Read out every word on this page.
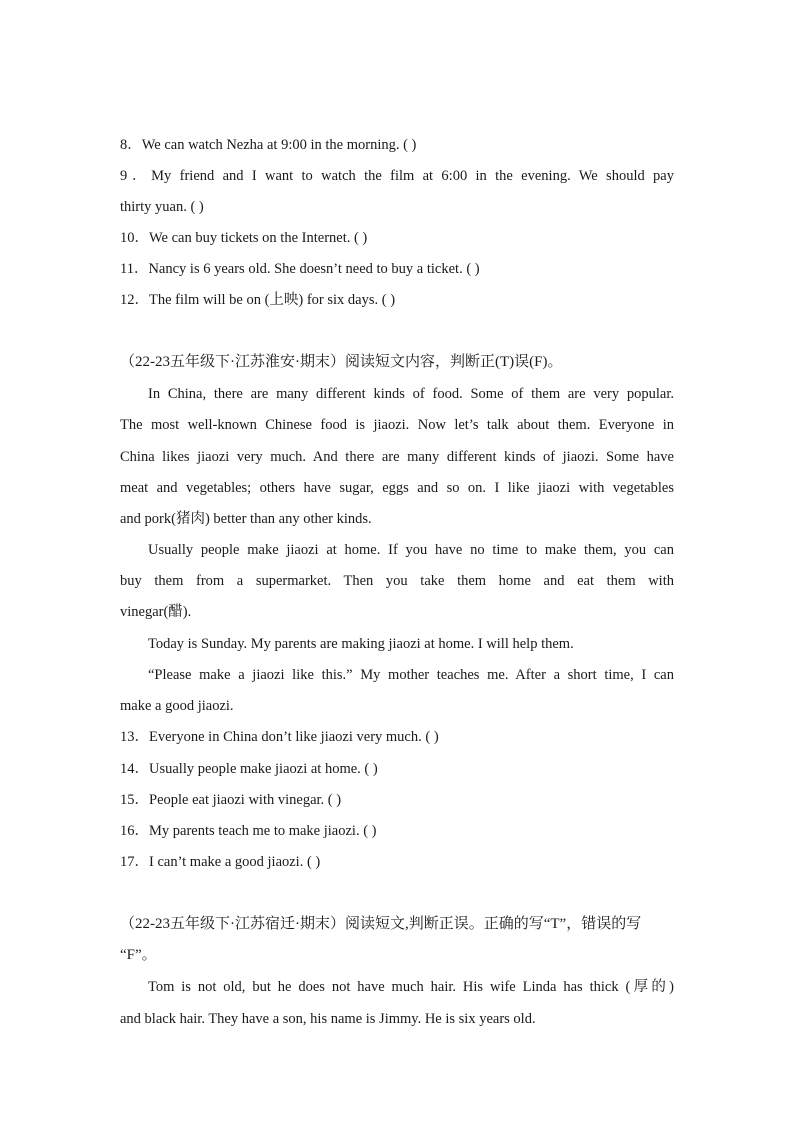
8．We can watch Nezha at 9:00 in the morning. ( )
9．My friend and I want to watch the film at 6:00 in the evening. We should pay
thirty yuan. ( )
10．We can buy tickets on the Internet. ( )
11．Nancy is 6 years old. She doesn’t need to buy a ticket. ( )
12．The film will be on (上映) for six days. ( )
（22-23五年级下·江苏淮安·期末）阅读短文内容，判断正(T)误(F)。
In China, there are many different kinds of food. Some of them are very popular.
The most well-known Chinese food is jiaozi. Now let’s talk about them. Everyone in
China likes jiaozi very much. And there are many different kinds of jiaozi. Some have
meat and vegetables; others have sugar, eggs and so on. I like jiaozi with vegetables
and pork(猪肉) better than any other kinds.
Usually people make jiaozi at home. If you have no time to make them, you can
buy them from a supermarket. Then you take them home and eat them with
vinegar(醋).
Today is Sunday. My parents are making jiaozi at home. I will help them.
“Please make a jiaozi like this.” My mother teaches me. After a short time, I can
make a good jiaozi.
13．Everyone in China don’t like jiaozi very much. ( )
14．Usually people make jiaozi at home. ( )
15．People eat jiaozi with vinegar. ( )
16．My parents teach me to make jiaozi. ( )
17．I can’t make a good jiaozi. ( )
（22-23五年级下·江苏宿迁·期末）阅读短文,判断正误。正确的写“T”，错误的写
“F”。
Tom is not old, but he does not have much hair. His wife Linda has thick (厚的)
and black hair. They have a son, his name is Jimmy. He is six years old.
